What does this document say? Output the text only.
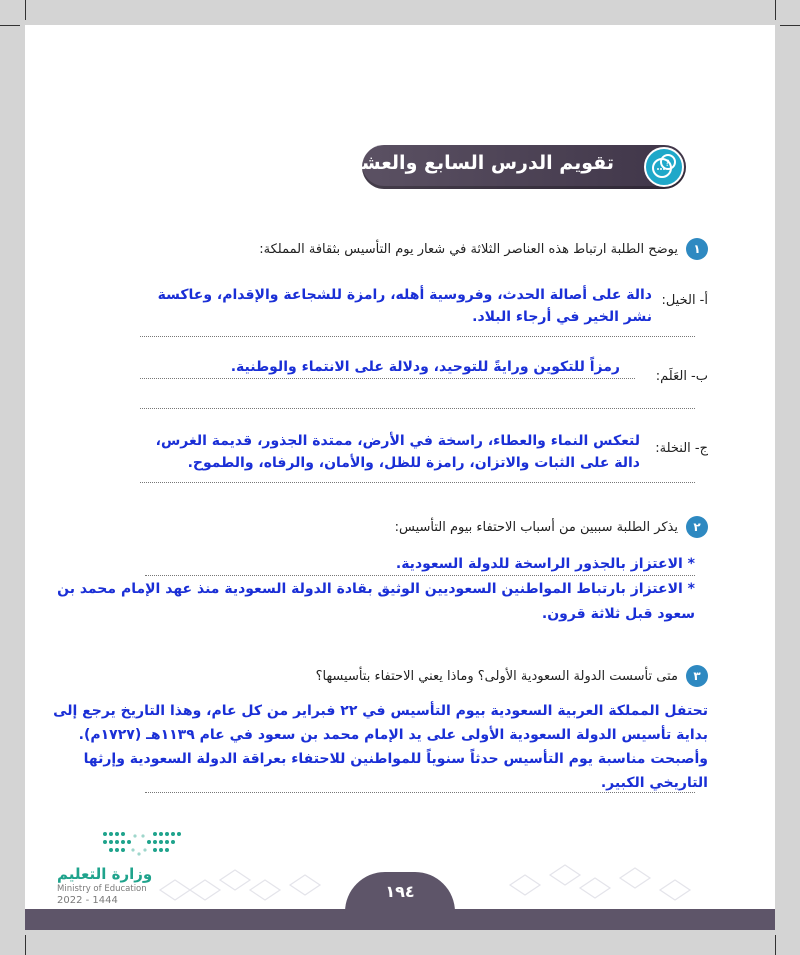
تقويم الدرس السابع والعشرين	?
١
يوضح الطلبة ارتباط هذه العناصر الثلاثة في شعار يوم التأسيس بثقافة المملكة:
أ- الخيل:
دالة على أصالة الحدث، وفروسية أهله، رامزة للشجاعة والإقدام، وعاكسة
نشر الخير في أرجاء البلاد.
ب- العَلَم:
رمزاً للتكوين ورايةً للتوحيد، ودلالة على الانتماء والوطنية.
ج- النخلة:
لتعكس النماء والعطاء، راسخة في الأرض، ممتدة الجذور، قديمة الغرس،
دالة على الثبات والاتزان، رامزة للظل، والأمان، والرفاه، والطموح.
٢
يذكر الطلبة سببين من أسباب الاحتفاء بيوم التأسيس:
* الاعتزاز بالجذور الراسخة للدولة السعودية.
* الاعتزاز بارتباط المواطنين السعوديين الوثيق بقادة الدولة السعودية منذ عهد الإمام محمد بن
سعود قبل ثلاثة قرون.
٣
متى تأسست الدولة السعودية الأولى؟ وماذا يعني الاحتفاء بتأسيسها؟
تحتفل المملكة العربية السعودية بيوم التأسيس في ٢٢ فبراير من كل عام، وهذا التاريخ يرجع إلى
بداية تأسيس الدولة السعودية الأولى على يد الإمام محمد بن سعود في عام ١١٣٩هـ (١٧٢٧م).
وأصبحت مناسبة يوم التأسيس حدثاً سنوياً للمواطنين للاحتفاء بعراقة الدولة السعودية وإرثها
التاريخي الكبير.
وزارة التعليم
Ministry of Education
2022 - 1444	١٩٤
